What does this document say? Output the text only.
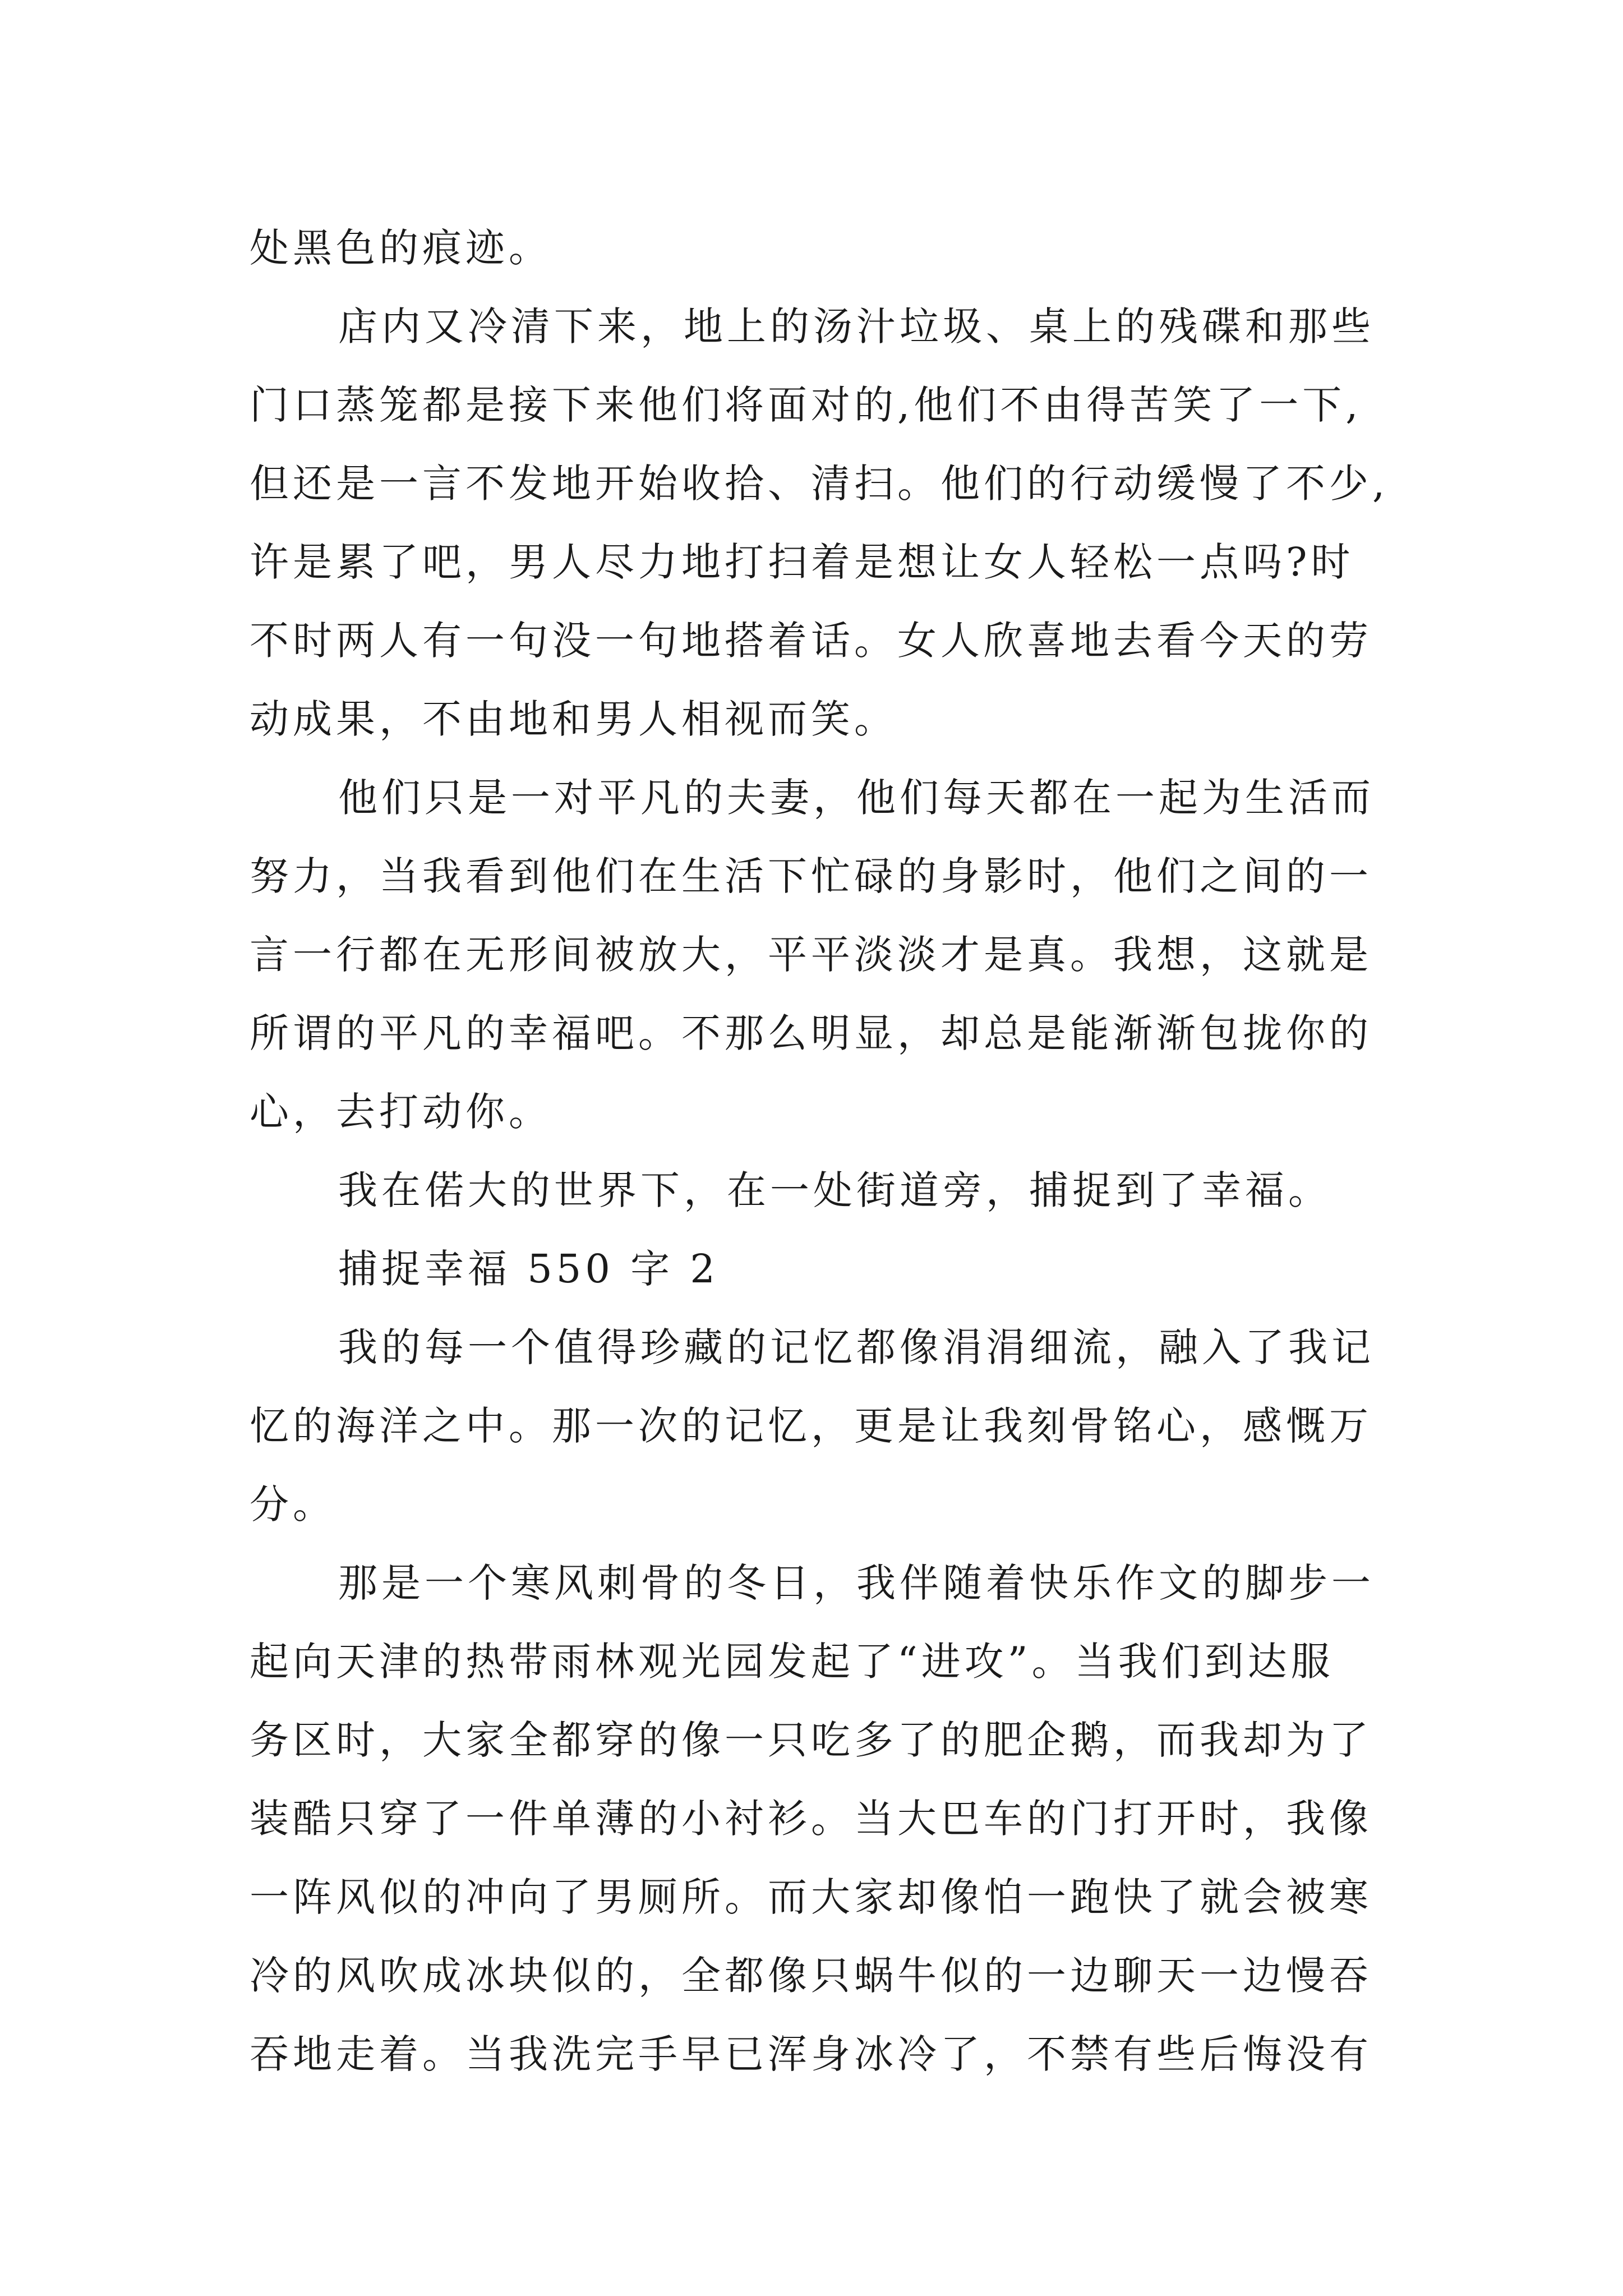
处黑色的痕迹。
店内又冷清下来，地上的汤汁垃圾、桌上的残碟和那些
门口蒸笼都是接下来他们将面对的,他们不由得苦笑了一下,
但还是一言不发地开始收拾、清扫。他们的行动缓慢了不少,
许是累了吧，男人尽力地打扫着是想让女人轻松一点吗?时
不时两人有一句没一句地搭着话。女人欣喜地去看今天的劳
动成果，不由地和男人相视而笑。
他们只是一对平凡的夫妻，他们每天都在一起为生活而
努力，当我看到他们在生活下忙碌的身影时，他们之间的一
言一行都在无形间被放大，平平淡淡才是真。我想，这就是
所谓的平凡的幸福吧。不那么明显，却总是能渐渐包拢你的
心，去打动你。
我在偌大的世界下，在一处街道旁，捕捉到了幸福。
捕捉幸福 550 字 2
我的每一个值得珍藏的记忆都像涓涓细流，融入了我记
忆的海洋之中。那一次的记忆，更是让我刻骨铭心，感慨万
分。
那是一个寒风刺骨的冬日，我伴随着快乐作文的脚步一
起向天津的热带雨林观光园发起了“进攻”。当我们到达服
务区时，大家全都穿的像一只吃多了的肥企鹅，而我却为了
装酷只穿了一件单薄的小衬衫。当大巴车的门打开时，我像
一阵风似的冲向了男厕所。而大家却像怕一跑快了就会被寒
冷的风吹成冰块似的，全都像只蜗牛似的一边聊天一边慢吞
吞地走着。当我洗完手早已浑身冰冷了，不禁有些后悔没有
